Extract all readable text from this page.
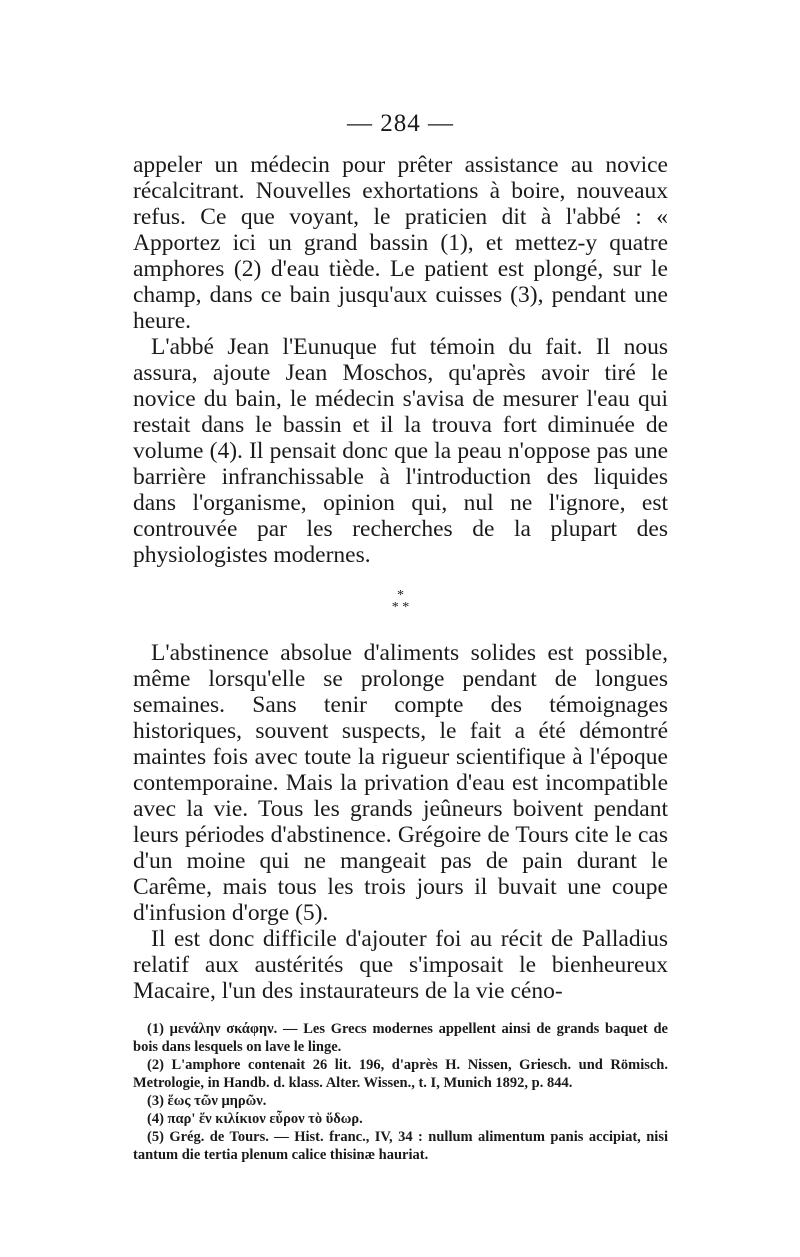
— 284 —

appeler un médecin pour prêter assistance au novice récalcitrant. Nouvelles exhortations à boire, nouveaux refus. Ce que voyant, le praticien dit à l'abbé : « Apportez ici un grand bassin (1), et mettez-y quatre amphores (2) d'eau tiède. Le patient est plongé, sur le champ, dans ce bain jusqu'aux cuisses (3), pendant une heure.

L'abbé Jean l'Eunuque fut témoin du fait. Il nous assura, ajoute Jean Moschos, qu'après avoir tiré le novice du bain, le médecin s'avisa de mesurer l'eau qui restait dans le bassin et il la trouva fort diminuée de volume (4). Il pensait donc que la peau n'oppose pas une barrière infranchissable à l'introduction des liquides dans l'organisme, opinion qui, nul ne l'ignore, est controuvée par les recherches de la plupart des physiologistes modernes.

*
* *

L'abstinence absolue d'aliments solides est possible, même lorsqu'elle se prolonge pendant de longues semaines. Sans tenir compte des témoignages historiques, souvent suspects, le fait a été démontré maintes fois avec toute la rigueur scientifique à l'époque contemporaine. Mais la privation d'eau est incompatible avec la vie. Tous les grands jeûneurs boivent pendant leurs périodes d'abstinence. Grégoire de Tours cite le cas d'un moine qui ne mangeait pas de pain durant le Carême, mais tous les trois jours il buvait une coupe d'infusion d'orge (5).

Il est donc difficile d'ajouter foi au récit de Palladius relatif aux austérités que s'imposait le bienheureux Macaire, l'un des instaurateurs de la vie céno-

(1) μενάλην σκάφην. — Les Grecs modernes appellent ainsi de grands baquet de bois dans lesquels on lave le linge.

(2) L'amphore contenait 26 lit. 196, d'après H. Nissen, Griesch. und Römisch. Metrologie, in Handb. d. klass. Alter. Wissen., t. I, Munich 1892, p. 844.

(3) ἕως τῶν μηρῶν.

(4) παρ' ἕν κιλίκιον εὗρον τὸ ὕδωρ.

(5) Grég. de Tours. — Hist. franc., IV, 34 : nullum alimentum panis accipiat, nisi tantum die tertia plenum calice thisinæ hauriat.
